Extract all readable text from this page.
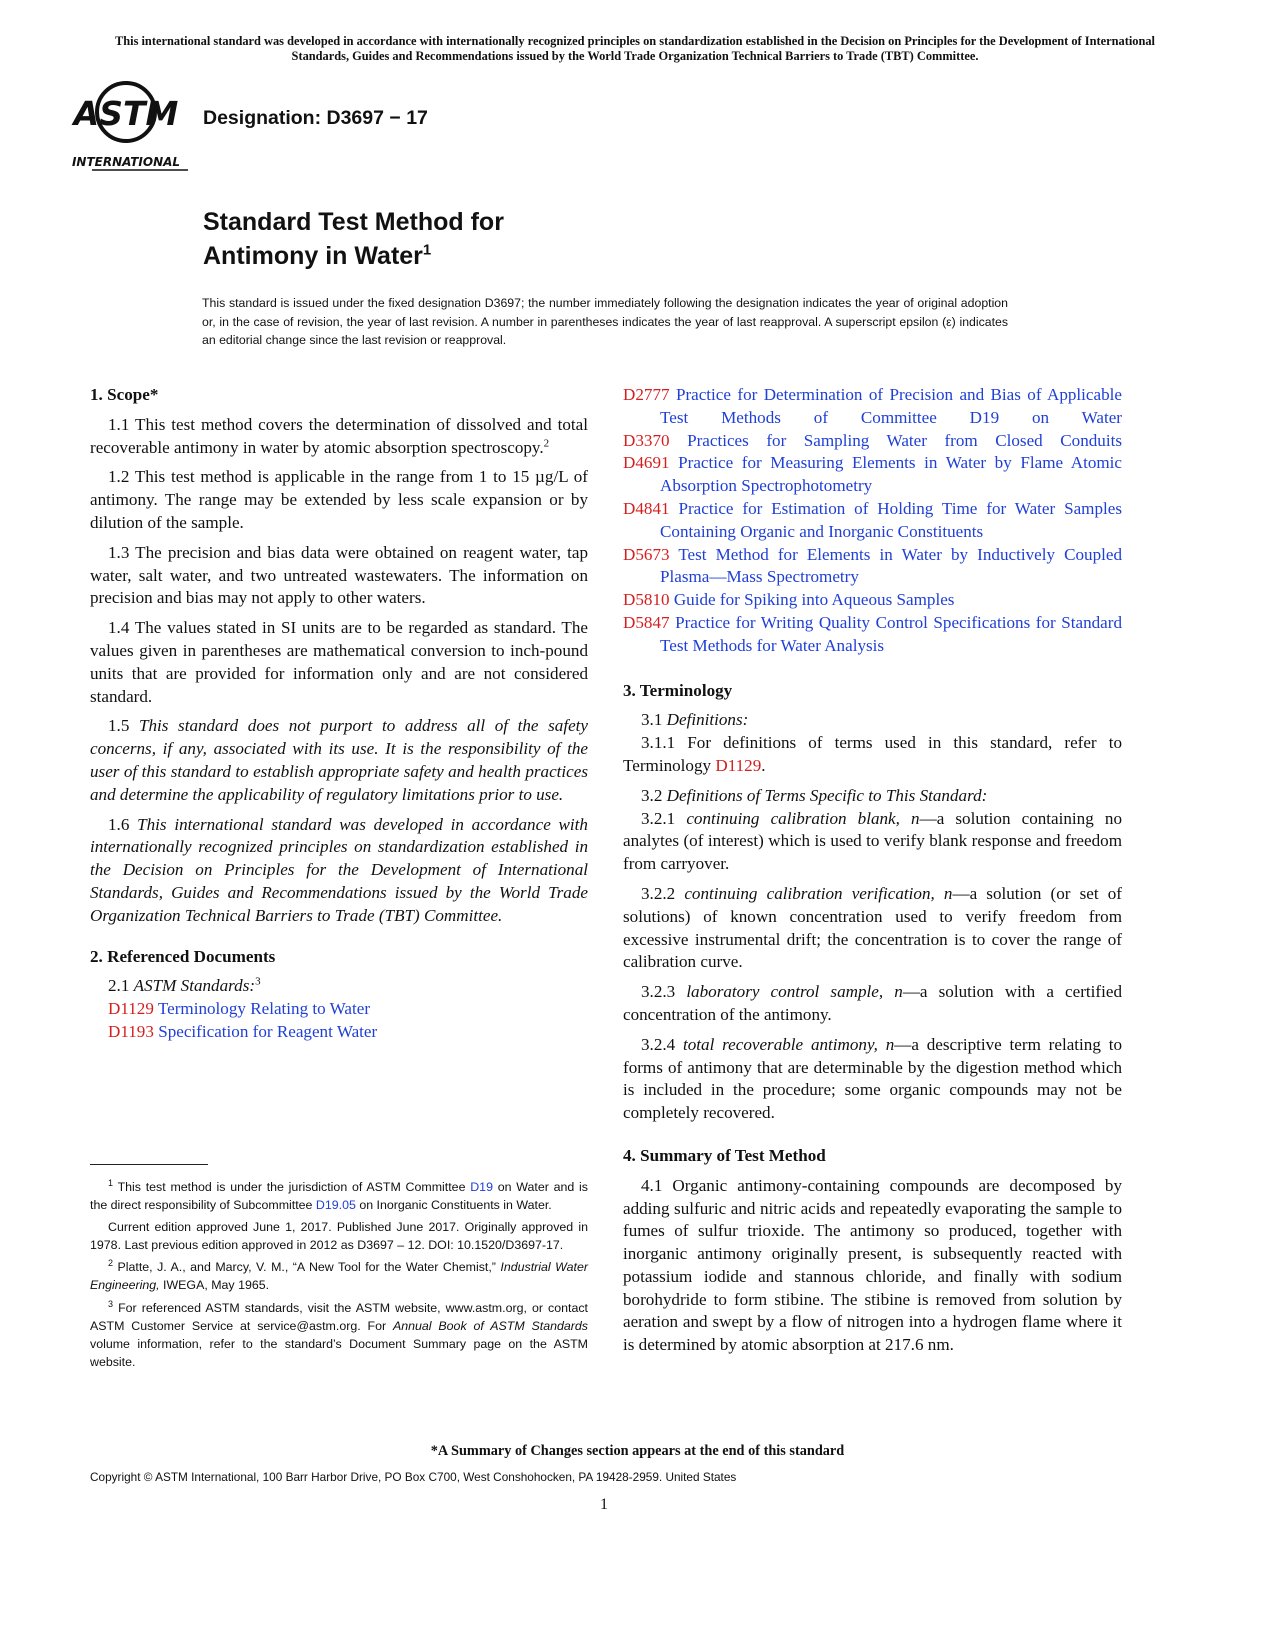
This international standard was developed in accordance with internationally recognized principles on standardization established in the Decision on Principles for the Development of International Standards, Guides and Recommendations issued by the World Trade Organization Technical Barriers to Trade (TBT) Committee.
ASTM
INTERNATIONAL
Designation: D3697 − 17
Standard Test Method for
Antimony in Water$^1$
This standard is issued under the fixed designation D3697; the number immediately following the designation indicates the year of original adoption or, in the case of revision, the year of last revision. A number in parentheses indicates the year of last reapproval. A superscript epsilon (ε) indicates an editorial change since the last revision or reapproval.
1. Scope*
1.1 This test method covers the determination of dissolved and total recoverable antimony in water by atomic absorption spectroscopy.$^2$
1.2 This test method is applicable in the range from 1 to 15 µg/L of antimony. The range may be extended by less scale expansion or by dilution of the sample.
1.3 The precision and bias data were obtained on reagent water, tap water, salt water, and two untreated wastewaters. The information on precision and bias may not apply to other waters.
1.4 The values stated in SI units are to be regarded as standard. The values given in parentheses are mathematical conversion to inch-pound units that are provided for information only and are not considered standard.
1.5 This standard does not purport to address all of the safety concerns, if any, associated with its use. It is the responsibility of the user of this standard to establish appropriate safety and health practices and determine the applicability of regulatory limitations prior to use.
1.6 This international standard was developed in accordance with internationally recognized principles on standardization established in the Decision on Principles for the Development of International Standards, Guides and Recommendations issued by the World Trade Organization Technical Barriers to Trade (TBT) Committee.
2. Referenced Documents
2.1 ASTM Standards:$^3$
D1129 Terminology Relating to Water
D1193 Specification for Reagent Water
$^1$ This test method is under the jurisdiction of ASTM Committee D19 on Water and is the direct responsibility of Subcommittee D19.05 on Inorganic Constituents in Water.
Current edition approved June 1, 2017. Published June 2017. Originally approved in 1978. Last previous edition approved in 2012 as D3697 – 12. DOI: 10.1520/D3697-17.
$^2$ Platte, J. A., and Marcy, V. M., “A New Tool for the Water Chemist,” Industrial Water Engineering, IWEGA, May 1965.
$^3$ For referenced ASTM standards, visit the ASTM website, www.astm.org, or contact ASTM Customer Service at service@astm.org. For Annual Book of ASTM Standards volume information, refer to the standard’s Document Summary page on the ASTM website.
D2777 Practice for Determination of Precision and Bias of Applicable Test Methods of Committee D19 on Water
D3370 Practices for Sampling Water from Closed Conduits
D4691 Practice for Measuring Elements in Water by Flame Atomic Absorption Spectrophotometry
D4841 Practice for Estimation of Holding Time for Water Samples Containing Organic and Inorganic Constituents
D5673 Test Method for Elements in Water by Inductively Coupled Plasma—Mass Spectrometry
D5810 Guide for Spiking into Aqueous Samples
D5847 Practice for Writing Quality Control Specifications for Standard Test Methods for Water Analysis
3. Terminology
3.1 Definitions:
3.1.1 For definitions of terms used in this standard, refer to Terminology D1129.
3.2 Definitions of Terms Specific to This Standard:
3.2.1 continuing calibration blank, n—a solution containing no analytes (of interest) which is used to verify blank response and freedom from carryover.
3.2.2 continuing calibration verification, n—a solution (or set of solutions) of known concentration used to verify freedom from excessive instrumental drift; the concentration is to cover the range of calibration curve.
3.2.3 laboratory control sample, n—a solution with a certified concentration of the antimony.
3.2.4 total recoverable antimony, n—a descriptive term relating to forms of antimony that are determinable by the digestion method which is included in the procedure; some organic compounds may not be completely recovered.
4. Summary of Test Method
4.1 Organic antimony-containing compounds are decomposed by adding sulfuric and nitric acids and repeatedly evaporating the sample to fumes of sulfur trioxide. The antimony so produced, together with inorganic antimony originally present, is subsequently reacted with potassium iodide and stannous chloride, and finally with sodium borohydride to form stibine. The stibine is removed from solution by aeration and swept by a flow of nitrogen into a hydrogen flame where it is determined by atomic absorption at 217.6 nm.
*A Summary of Changes section appears at the end of this standard
Copyright © ASTM International, 100 Barr Harbor Drive, PO Box C700, West Conshohocken, PA 19428-2959. United States
1
